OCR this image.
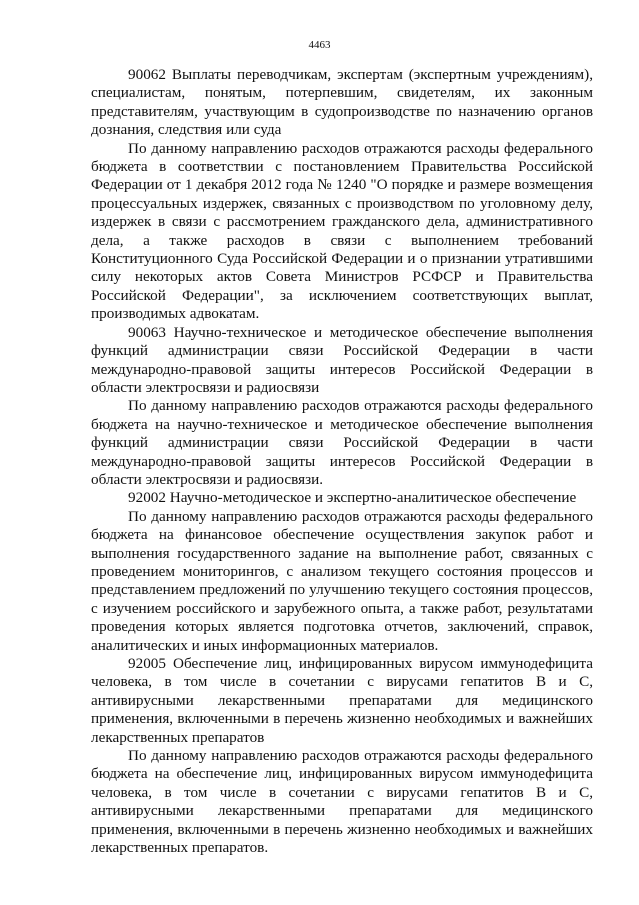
4463

90062 Выплаты переводчикам, экспертам (экспертным учреждениям), специалистам, понятым, потерпевшим, свидетелям, их законным представителям, участвующим в судопроизводстве по назначению органов дознания, следствия или суда

По данному направлению расходов отражаются расходы федерального бюджета в соответствии с постановлением Правительства Российской Федерации от 1 декабря 2012 года № 1240 "О порядке и размере возмещения процессуальных издержек, связанных с производством по уголовному делу, издержек в связи с рассмотрением гражданского дела, административного дела, а также расходов в связи с выполнением требований Конституционного Суда Российской Федерации и о признании утратившими силу некоторых актов Совета Министров РСФСР и Правительства Российской Федерации", за исключением соответствующих выплат, производимых адвокатам.

90063 Научно-техническое и методическое обеспечение выполнения функций администрации связи Российской Федерации в части международно-правовой защиты интересов Российской Федерации в области электросвязи и радиосвязи

По данному направлению расходов отражаются расходы федерального бюджета на научно-техническое и методическое обеспечение выполнения функций администрации связи Российской Федерации в части международно-правовой защиты интересов Российской Федерации в области электросвязи и радиосвязи.

92002 Научно-методическое и экспертно-аналитическое обеспечение

По данному направлению расходов отражаются расходы федерального бюджета на финансовое обеспечение осуществления закупок работ и выполнения государственного задание на выполнение работ, связанных с проведением мониторингов, с анализом текущего состояния процессов и представлением предложений по улучшению текущего состояния процессов, с изучением российского и зарубежного опыта, а также работ, результатами проведения которых является подготовка отчетов, заключений, справок, аналитических и иных информационных материалов.

92005 Обеспечение лиц, инфицированных вирусом иммунодефицита человека, в том числе в сочетании с вирусами гепатитов B и C, антивирусными лекарственными препаратами для медицинского применения, включенными в перечень жизненно необходимых и важнейших лекарственных препаратов

По данному направлению расходов отражаются расходы федерального бюджета на обеспечение лиц, инфицированных вирусом иммунодефицита человека, в том числе в сочетании с вирусами гепатитов B и C, антивирусными лекарственными препаратами для медицинского применения, включенными в перечень жизненно необходимых и важнейших лекарственных препаратов.
